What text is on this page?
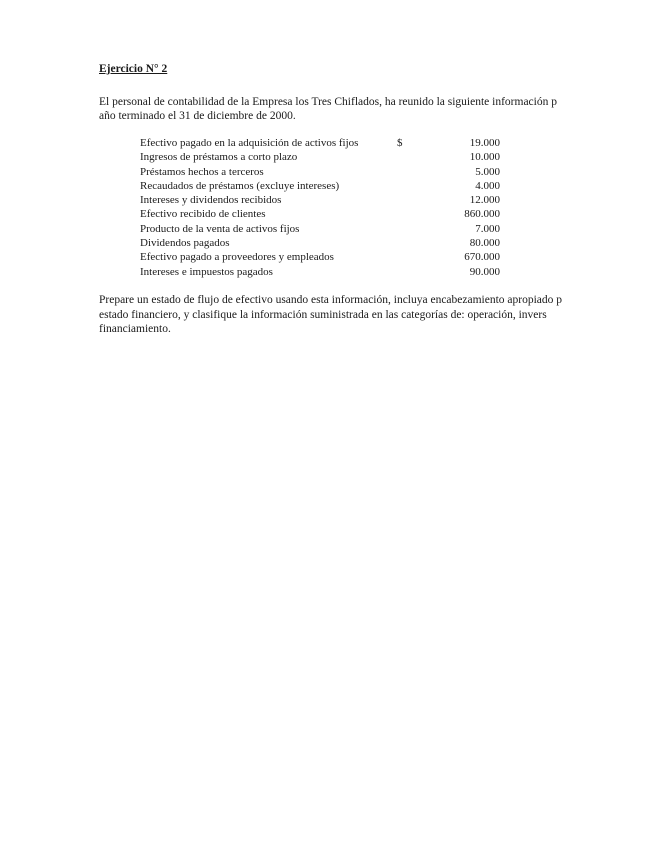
Ejercicio N° 2
El personal de contabilidad de la Empresa los Tres Chiflados, ha reunido la siguiente información p
año terminado el 31 de diciembre de 2000.
Efectivo pagado en la adquisición de activos fijos	$	19.000
Ingresos de préstamos a corto plazo	10.000
Préstamos hechos a terceros	5.000
Recaudados de préstamos (excluye intereses)	4.000
Intereses y dividendos recibidos	12.000
Efectivo recibido de clientes	860.000
Producto de la venta de activos fijos	7.000
Dividendos pagados	80.000
Efectivo pagado a proveedores y empleados	670.000
Intereses e impuestos pagados	90.000
Prepare un estado de flujo de efectivo usando esta información, incluya encabezamiento apropiado p
estado financiero, y clasifique la información suministrada en las categorías de: operación, invers
financiamiento.
